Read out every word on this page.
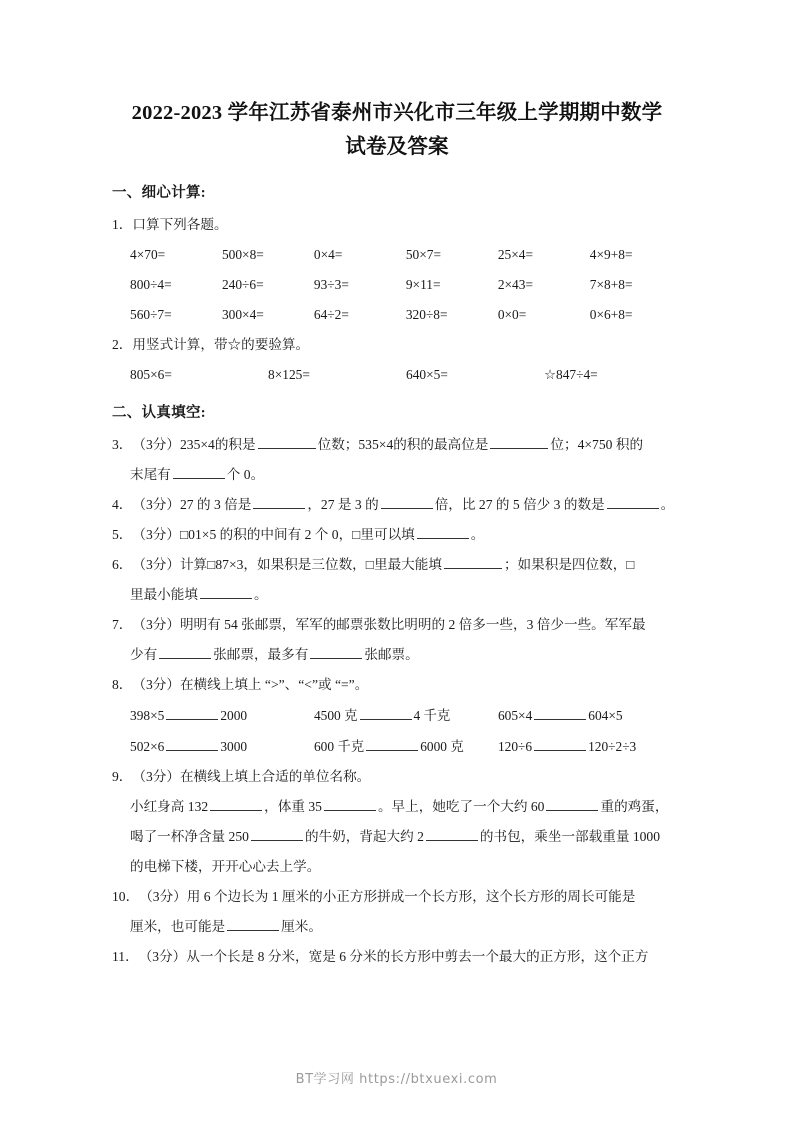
2022-2023 学年江苏省泰州市兴化市三年级上学期期中数学
试卷及答案
一、细心计算:
1．口算下列各题。
4×70=	500×8=	0×4=	50×7=	25×4=	4×9+8=
800÷4=	240÷6=	93÷3=	9×11=	2×43=	7×8+8=
560÷7=	300×4=	64÷2=	320÷8=	0×0=	0×6+8=
2．用竖式计算，带☆的要验算。
805×6=	8×125=	640×5=	☆847÷4=
二、认真填空:
3．（3分）235×4的积是	位数；535×4的积的最高位是	位；4×750 积的
末尾有	个 0。
4．（3分）27 的 3 倍是	，27 是 3 的	倍，比 27 的 5 倍少 3 的数是	。
5．（3分）□01×5 的积的中间有 2 个 0，□里可以填	。
6．（3分）计算□87×3，如果积是三位数，□里最大能填	；如果积是四位数，□
里最小能填	。
7．（3分）明明有 54 张邮票，军军的邮票张数比明明的 2 倍多一些，3 倍少一些。军军最
少有	张邮票，最多有	张邮票。
8．（3分）在横线上填上 “>”、“<”或 “=”。
398×5	2000	4500 克	4 千克	605×4	604×5
502×6	3000	600 千克	6000 克	120÷6	120÷2÷3
9．（3分）在横线上填上合适的单位名称。
小红身高 132	，体重 35	。早上，她吃了一个大约 60	重的鸡蛋，
喝了一杯净含量 250	的牛奶，背起大约 2	的书包，乘坐一部载重量 1000
的电梯下楼，开开心心去上学。
10．（3分）用 6 个边长为 1 厘米的小正方形拼成一个长方形，这个长方形的周长可能是
厘米，也可能是	厘米。
11．（3分）从一个长是 8 分米，宽是 6 分米的长方形中剪去一个最大的正方形，这个正方
BT学习网 https://btxuexi.com
